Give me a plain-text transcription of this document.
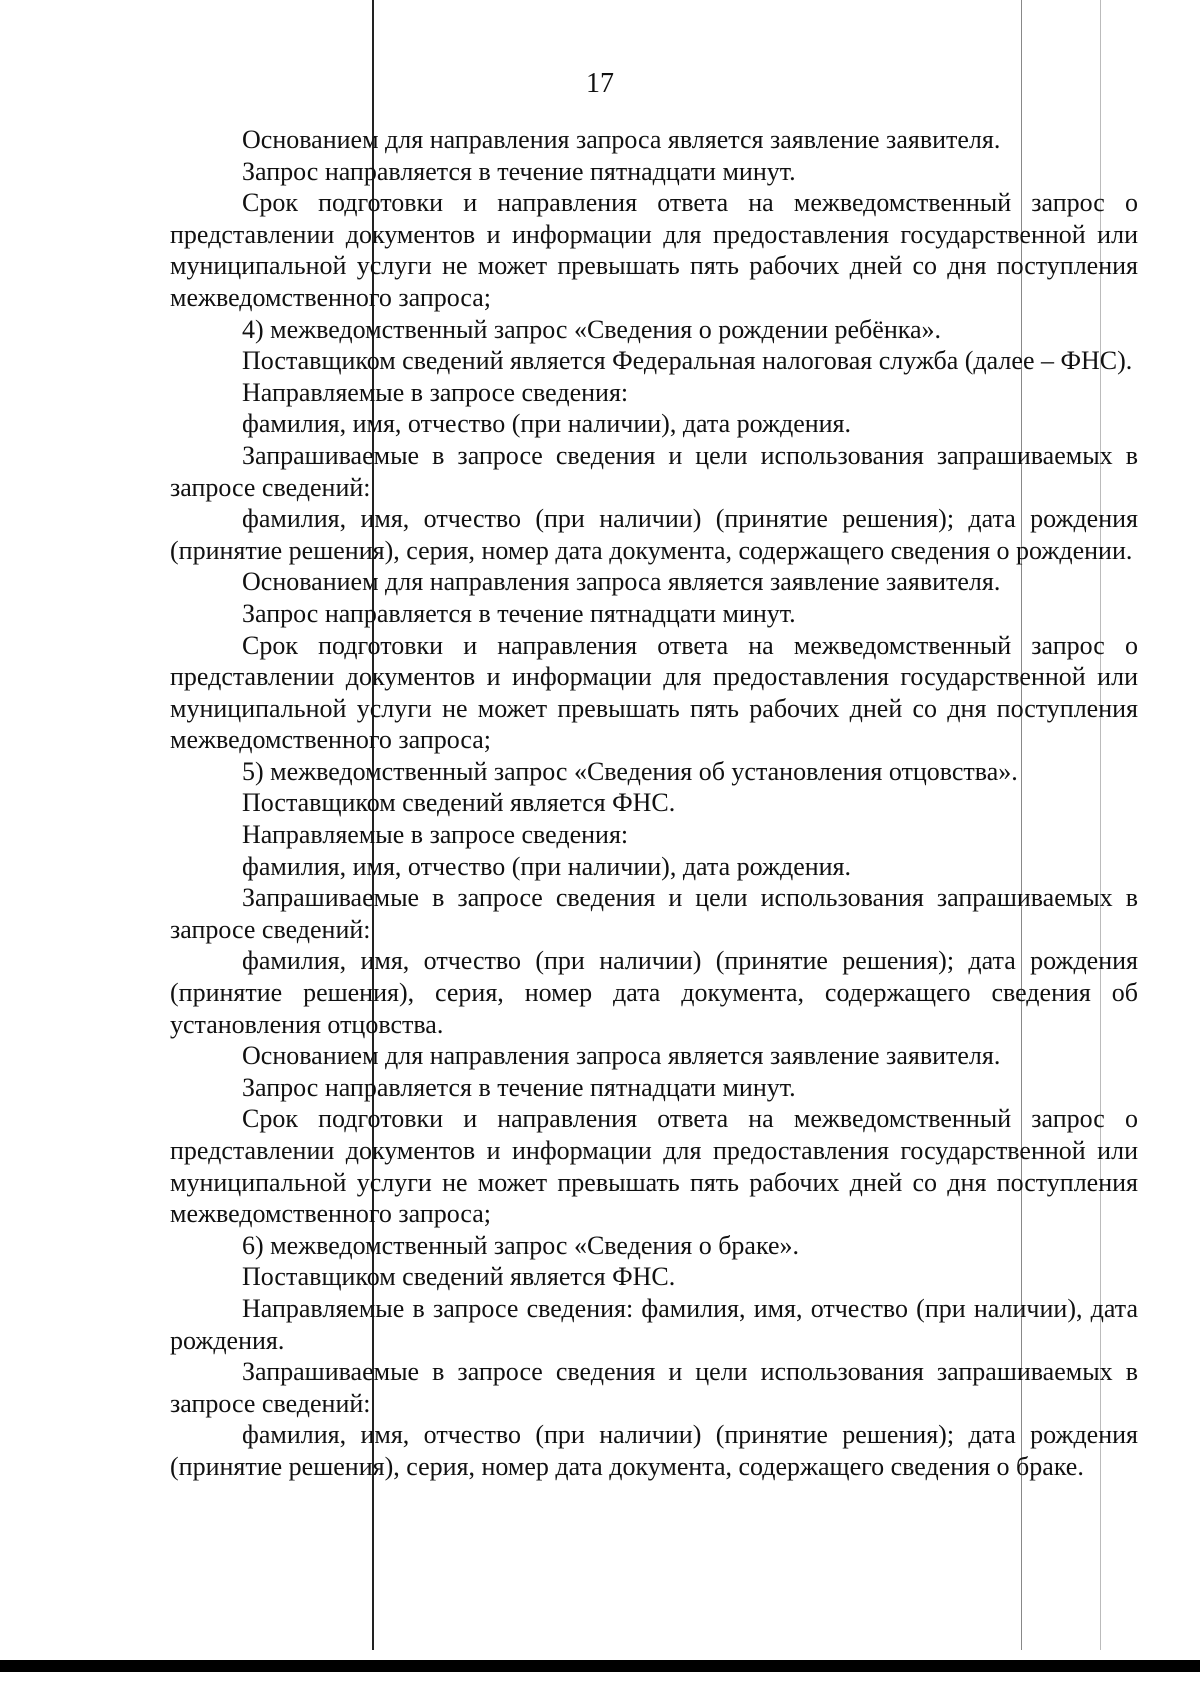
17

Основанием для направления запроса является заявление заявителя.

Запрос направляется в течение пятнадцати минут.

Срок подготовки и направления ответа на межведомственный запрос о представлении документов и информации для предоставления государственной или муниципальной услуги не может превышать пять рабочих дней со дня поступления межведомственного запроса;

4) межведомственный запрос «Сведения о рождении ребёнка».

Поставщиком сведений является Федеральная налоговая служба (далее – ФНС).

Направляемые в запросе сведения:

фамилия, имя, отчество (при наличии), дата рождения.

Запрашиваемые в запросе сведения и цели использования запрашиваемых в запросе сведений:

фамилия, имя, отчество (при наличии) (принятие решения); дата рождения (принятие решения), серия, номер дата документа, содержащего сведения о рождении.

Основанием для направления запроса является заявление заявителя.

Запрос направляется в течение пятнадцати минут.

Срок подготовки и направления ответа на межведомственный запрос о представлении документов и информации для предоставления государственной или муниципальной услуги не может превышать пять рабочих дней со дня поступления межведомственного запроса;

5) межведомственный запрос «Сведения об установления отцовства».

Поставщиком сведений является ФНС.

Направляемые в запросе сведения:

фамилия, имя, отчество (при наличии), дата рождения.

Запрашиваемые в запросе сведения и цели использования запрашиваемых в запросе сведений:

фамилия, имя, отчество (при наличии) (принятие решения); дата рождения (принятие решения), серия, номер дата документа, содержащего сведения об установления отцовства.

Основанием для направления запроса является заявление заявителя.

Запрос направляется в течение пятнадцати минут.

Срок подготовки и направления ответа на межведомственный запрос о представлении документов и информации для предоставления государственной или муниципальной услуги не может превышать пять рабочих дней со дня поступления межведомственного запроса;

6) межведомственный запрос «Сведения о браке».

Поставщиком сведений является ФНС.

Направляемые в запросе сведения: фамилия, имя, отчество (при наличии), дата рождения.

Запрашиваемые в запросе сведения и цели использования запрашиваемых в запросе сведений:

фамилия, имя, отчество (при наличии) (принятие решения); дата рождения (принятие решения), серия, номер дата документа, содержащего сведения о браке.
